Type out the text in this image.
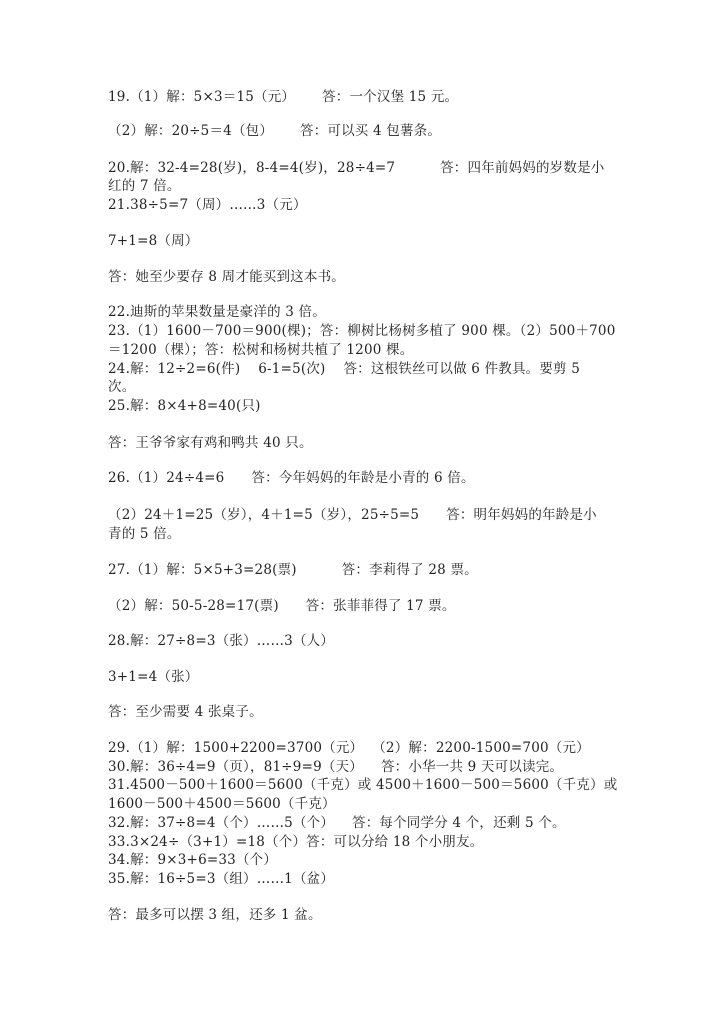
19.（1）解：5×3＝15（元）      答：一个汉堡 15 元。
（2）解：20÷5＝4（包）      答：可以买 4 包薯条。
20.解：32-4=28(岁)，8-4=4(岁)，28÷4=7          答：四年前妈妈的岁数是小
红的 7 倍。
21.38÷5=7（周）……3（元）
7+1=8（周）
答：她至少要存 8 周才能买到这本书。
22.迪斯的苹果数量是豪洋的 3 倍。
23.（1）1600－700＝900(棵)；答：柳树比杨树多植了 900 棵。（2）500＋700
＝1200（棵）；答：松树和杨树共植了 1200 棵。
24.解：12÷2=6(件)    6-1=5(次)    答：这根铁丝可以做 6 件教具。要剪 5
次。
25.解：8×4+8=40(只)
答：王爷爷家有鸡和鸭共 40 只。
26.（1）24÷4=6      答：今年妈妈的年龄是小青的 6 倍。
（2）24＋1=25（岁），4＋1=5（岁），25÷5=5      答：明年妈妈的年龄是小
青的 5 倍。
27.（1）解：5×5+3=28(票)          答：李莉得了 28 票。
（2）解：50-5-28=17(票)      答：张菲菲得了 17 票。
28.解：27÷8=3（张）……3（人）
3+1=4（张）
答：至少需要 4 张桌子。
29.（1）解：1500+2200=3700（元）  （2）解：2200-1500=700（元）
30.解：36÷4=9（页），81÷9=9（天）    答：小华一共 9 天可以读完。
31.4500－500＋1600＝5600（千克）或 4500＋1600－500＝5600（千克）或
1600－500＋4500＝5600（千克）
32.解：37÷8=4（个）……5（个）    答：每个同学分 4 个，还剩 5 个。
33.3×24÷（3+1）=18（个）答：可以分给 18 个小朋友。
34.解：9×3+6=33（个）
35.解：16÷5=3（组）……1（盆）
答：最多可以摆 3 组，还多 1 盆。
